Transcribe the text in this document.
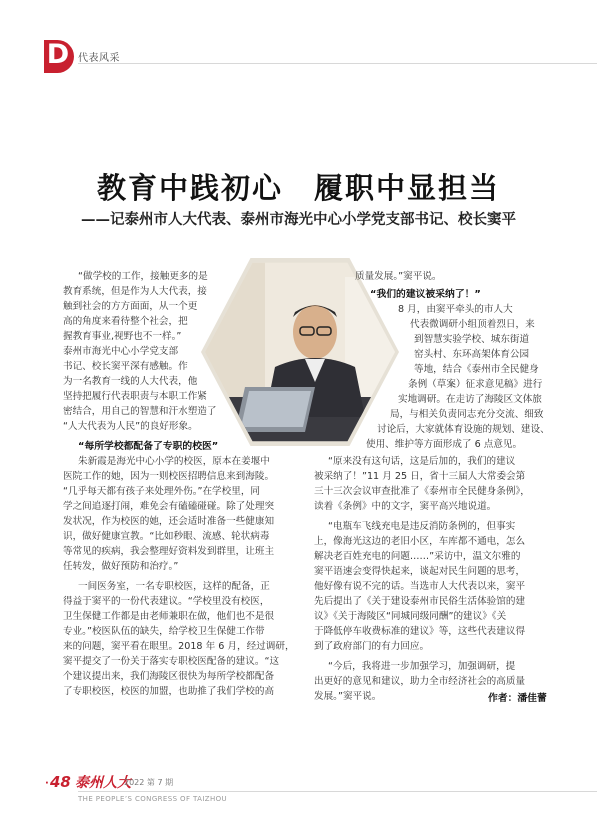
D 代表风采
教育中践初心　履职中显担当
——记泰州市人大代表、泰州市海光中心小学党支部书记、校长窦平
“做学校的工作，接触更多的是
教育系统，但是作为人大代表，接
触到社会的方方面面，从一个更
高的角度来看待整个社会，把
握教育事业,视野也不一样。”
泰州市海光中心小学党支部
书记、校长窦平深有感触。作
为一名教育一线的人大代表，他
坚持把履行代表职责与本职工作紧
密结合，用自己的智慧和汗水塑造了
“人大代表为人民”的良好形象。
“每所学校都配备了专职的校医”
朱新霞是海光中心小学的校医，原本在姜堰中
医院工作的她，因为一则校医招聘信息来到海陵。
“几乎每天都有孩子来处理外伤。”在学校里，同
学之间追逐打闹，难免会有磕磕碰碰。除了处理突
发状况，作为校医的她，还会适时准备一些健康知
识，做好健康宣教。“比如秒眼、流感、轮状病毒
等常见的疾病，我会整理好资料发到群里，让班主
任转发，做好预防和治疗。”
一间医务室，一名专职校医，这样的配备，正
得益于窦平的一份代表建议。“学校里没有校医，
卫生保健工作都是由老师兼职在做，他们也不是很
专业。”校医队伍的缺失，给学校卫生保健工作带
来的问题，窦平看在眼里。2018 年 6 月，经过调研，
窦平提交了一份关于落实专职校医配备的建议。“这
个建议提出来，我们海陵区很快为每所学校都配备
了专职校医，校医的加盟，也助推了我们学校的高
质量发展。”窦平说。
“我们的建议被采纳了！”
8 月，由窦平牵头的市人大
代表微调研小组顶着烈日，来
到智慧实验学校、城东街道
窑头村、东环高架体育公园
等地，结合《泰州市全民健身
条例（草案）征求意见稿》进行
实地调研。在走访了海陵区文体旅
局，与相关负责同志充分交流、细致
讨论后，大家就体育设施的规划、建设、
使用、维护等方面形成了 6 点意见。
“原来没有这句话，这是后加的，我们的建议
被采纳了！”11 月 25 日，省十三届人大常委会第
三十三次会议审查批准了《泰州市全民健身条例》，
读着《条例》中的文字，窦平高兴地说道。
“电瓶车飞线充电是违反消防条例的，但事实
上，像海光这边的老旧小区，车库都不通电，怎么
解决老百姓充电的问题……”采访中，温文尔雅的
窦平语速会变得快起来，谈起对民生问题的思考，
他好像有说不完的话。当选市人大代表以来，窦平
先后提出了《关于建设泰州市民俗生活体验馆的建
议》《关于海陵区“同城同级同酬”的建议》《关
于降低停车收费标准的建议》等，这些代表建议得
到了政府部门的有力回应。
“今后，我将进一步加强学习，加强调研，提
出更好的意见和建议，助力全市经济社会的高质量
发展。”窦平说。	作者：潘佳蕾
· 48 泰州人大
2022 第 7 期
THE PEOPLE’S CONGRESS OF TAIZHOU
